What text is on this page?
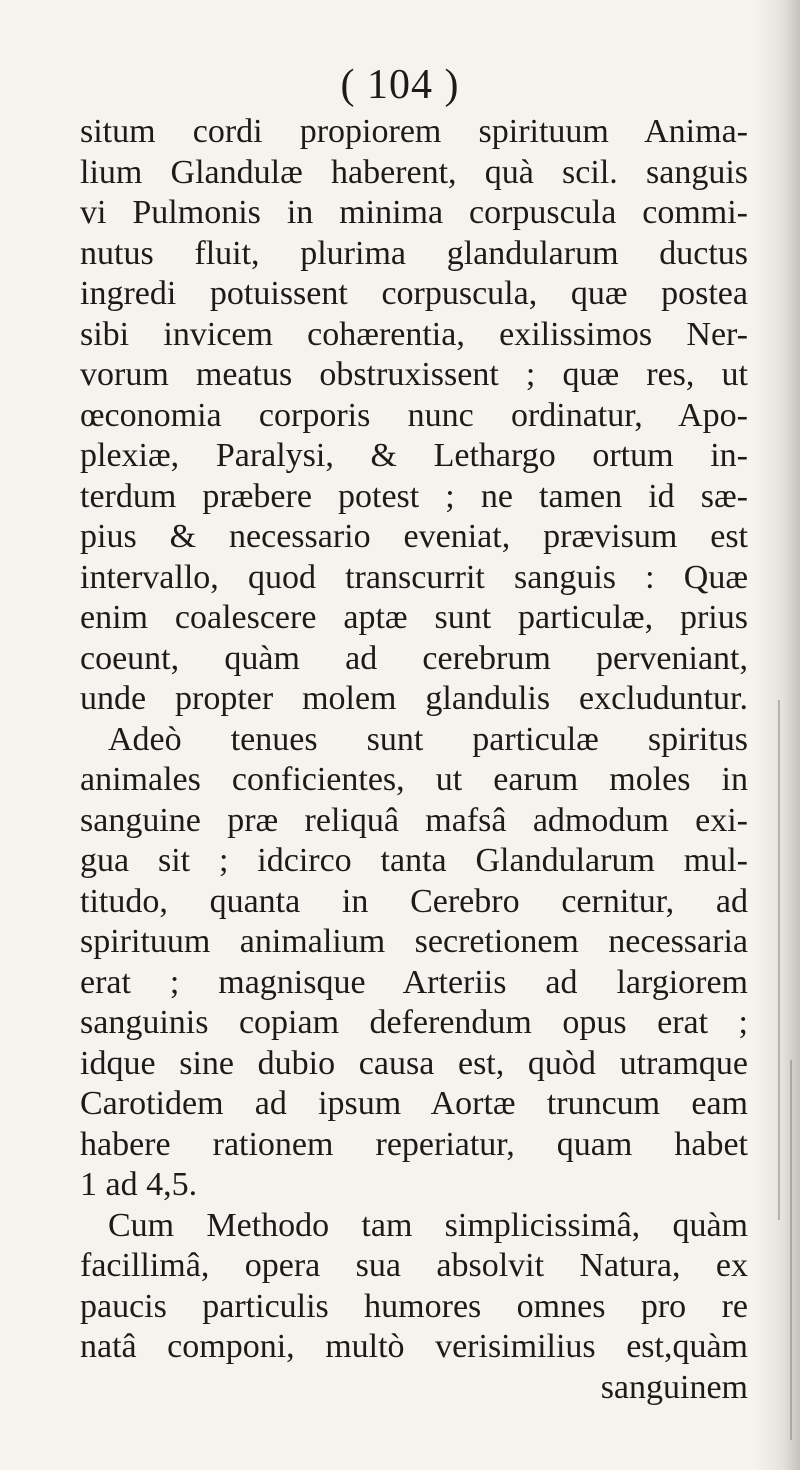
( 104 )
situm cordi propiorem spirituum Anima-
lium Glandulæ haberent, quà scil. sanguis
vi Pulmonis in minima corpuscula commi-
nutus fluit, plurima glandularum ductus
ingredi potuissent corpuscula, quæ postea
sibi invicem cohærentia, exilissimos Ner-
vorum meatus obstruxissent ; quæ res, ut
œconomia corporis nunc ordinatur, Apo-
plexiæ, Paralysi, & Lethargo ortum in-
terdum præbere potest ; ne tamen id sæ-
pius & necessario eveniat, prævisum est
intervallo, quod transcurrit sanguis : Quæ
enim coalescere aptæ sunt particulæ, prius
coeunt, quàm ad cerebrum perveniant,
unde propter molem glandulis excluduntur.
Adeò tenues sunt particulæ spiritus
animales conficientes, ut earum moles in
sanguine præ reliquâ mafsâ admodum exi-
gua sit ; idcirco tanta Glandularum mul-
titudo, quanta in Cerebro cernitur, ad
spirituum animalium secretionem necessaria
erat ; magnisque Arteriis ad largiorem
sanguinis copiam deferendum opus erat ;
idque sine dubio causa est, quòd utramque
Carotidem ad ipsum Aortæ truncum eam
habere rationem reperiatur, quam habet
1 ad 4,5.
Cum Methodo tam simplicissimâ, quàm
facillimâ, opera sua absolvit Natura, ex
paucis particulis humores omnes pro re
natâ componi, multò verisimilius est,quàm
sanguinem
